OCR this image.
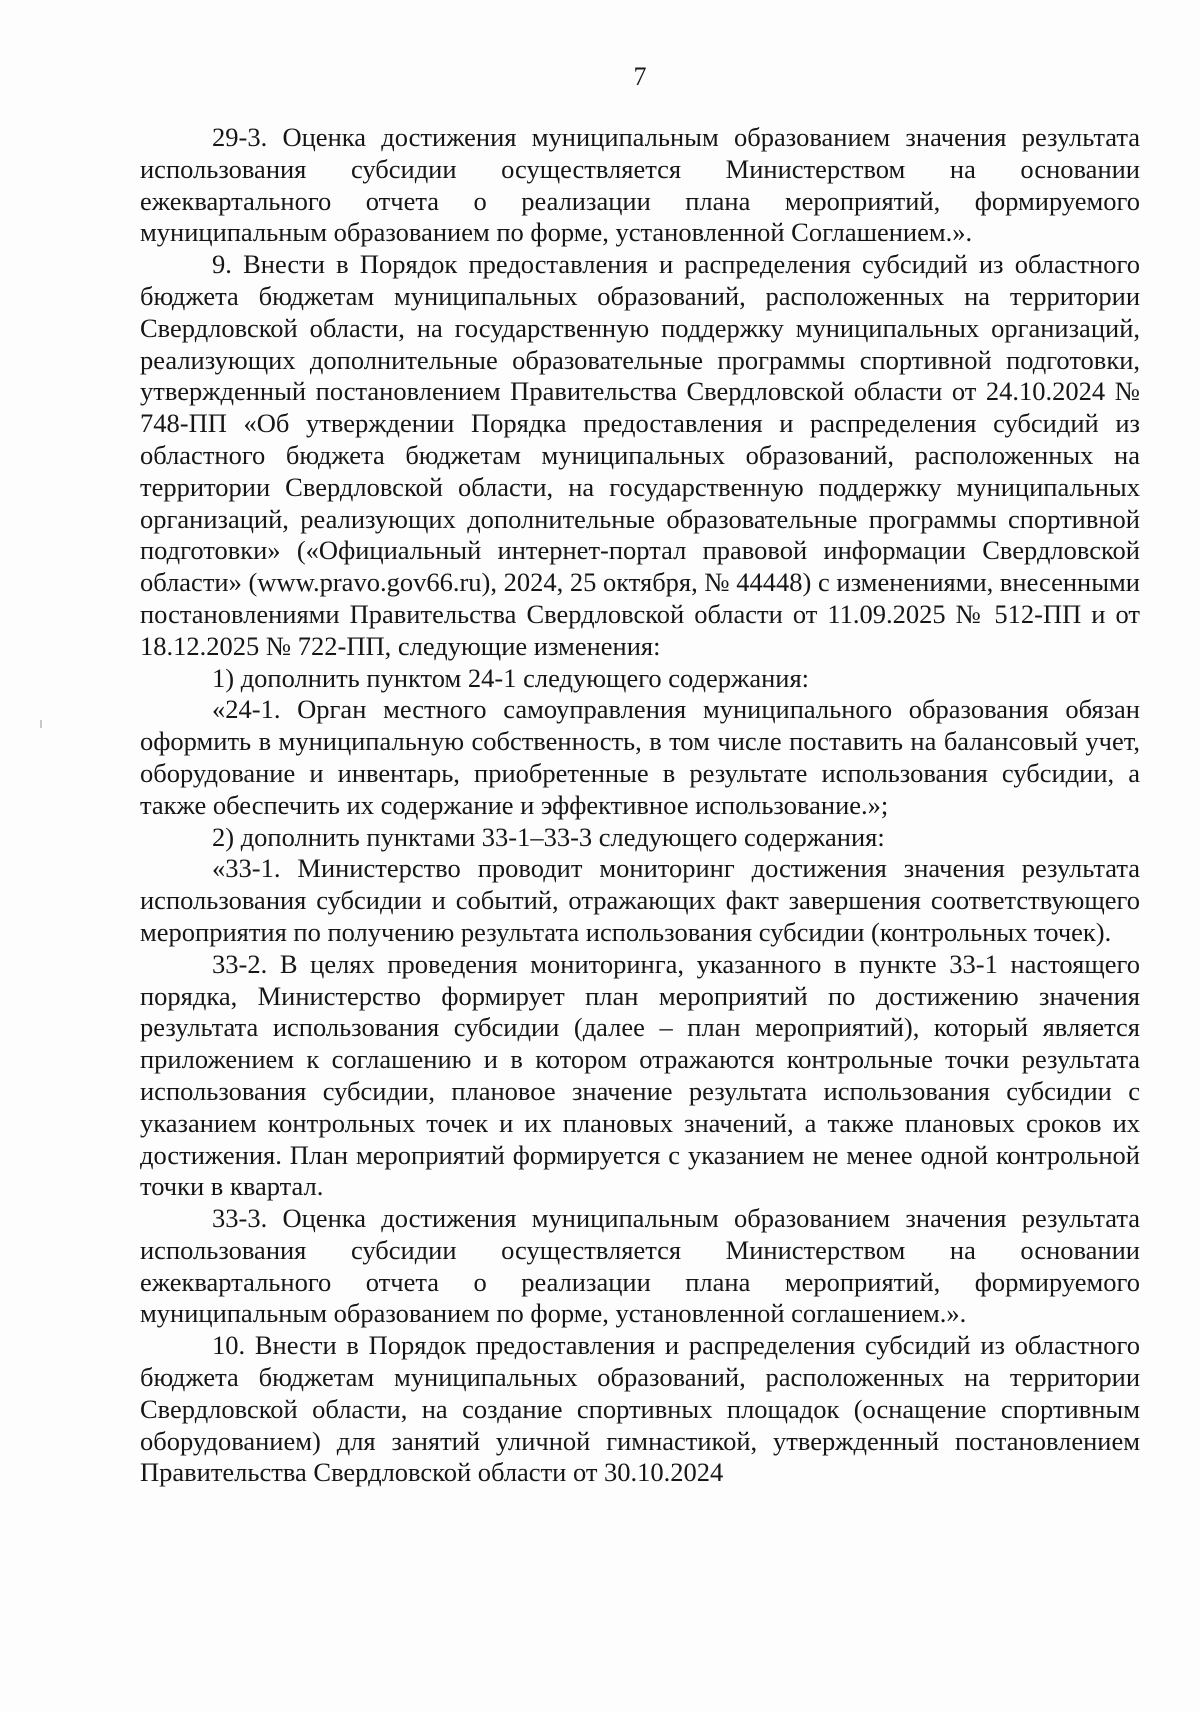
7

29-3. Оценка достижения муниципальным образованием значения результата использования субсидии осуществляется Министерством на основании ежеквартального отчета о реализации плана мероприятий, формируемого муниципальным образованием по форме, установленной Соглашением.».

9. Внести в Порядок предоставления и распределения субсидий из областного бюджета бюджетам муниципальных образований, расположенных на территории Свердловской области, на государственную поддержку муниципальных организаций, реализующих дополнительные образовательные программы спортивной подготовки, утвержденный постановлением Правительства Свердловской области от 24.10.2024 № 748-ПП «Об утверждении Порядка предоставления и распределения субсидий из областного бюджета бюджетам муниципальных образований, расположенных на территории Свердловской области, на государственную поддержку муниципальных организаций, реализующих дополнительные образовательные программы спортивной подготовки» («Официальный интернет-портал правовой информации Свердловской области» (www.pravo.gov66.ru), 2024, 25 октября, № 44448) с изменениями, внесенными постановлениями Правительства Свердловской области от 11.09.2025 № 512-ПП и от 18.12.2025 № 722-ПП, следующие изменения:

1) дополнить пунктом 24-1 следующего содержания:

«24-1. Орган местного самоуправления муниципального образования обязан оформить в муниципальную собственность, в том числе поставить на балансовый учет, оборудование и инвентарь, приобретенные в результате использования субсидии, а также обеспечить их содержание и эффективное использование.»;

2) дополнить пунктами 33-1–33-3 следующего содержания:

«33-1. Министерство проводит мониторинг достижения значения результата использования субсидии и событий, отражающих факт завершения соответствующего мероприятия по получению результата использования субсидии (контрольных точек).

33-2. В целях проведения мониторинга, указанного в пункте 33-1 настоящего порядка, Министерство формирует план мероприятий по достижению значения результата использования субсидии (далее – план мероприятий), который является приложением к соглашению и в котором отражаются контрольные точки результата использования субсидии, плановое значение результата использования субсидии с указанием контрольных точек и их плановых значений, а также плановых сроков их достижения. План мероприятий формируется с указанием не менее одной контрольной точки в квартал.

33-3. Оценка достижения муниципальным образованием значения результата использования субсидии осуществляется Министерством на основании ежеквартального отчета о реализации плана мероприятий, формируемого муниципальным образованием по форме, установленной соглашением.».

10. Внести в Порядок предоставления и распределения субсидий из областного бюджета бюджетам муниципальных образований, расположенных на территории Свердловской области, на создание спортивных площадок (оснащение спортивным оборудованием) для занятий уличной гимнастикой, утвержденный постановлением Правительства Свердловской области от 30.10.2024
